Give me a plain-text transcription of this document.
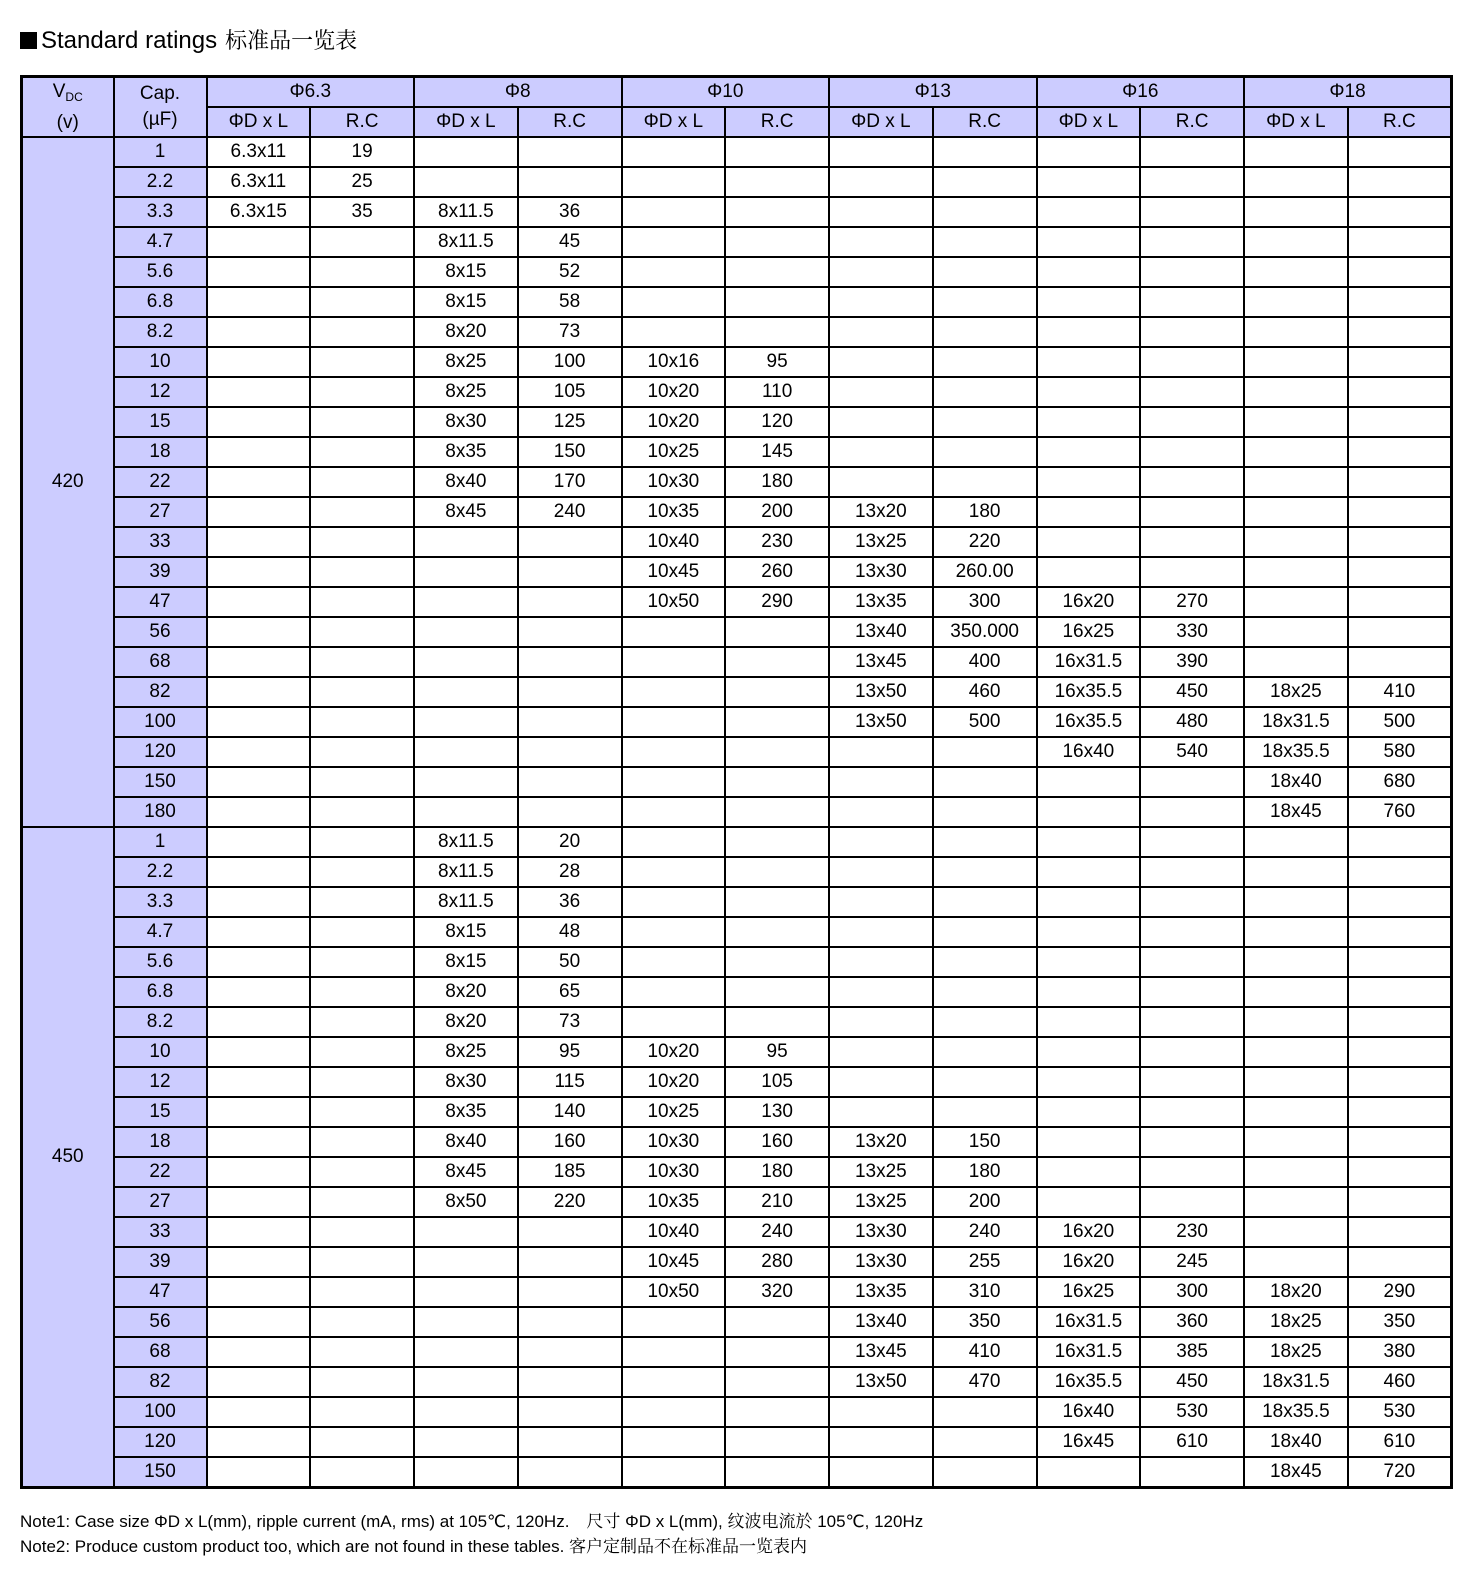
Standard ratings 标准品一览表
$V_{DC}$
(v)	Cap.
(µF)	Φ6.3		Φ8		Φ10		Φ13		Φ16		Φ18	
		ΦD x L	R.C	ΦD x L	R.C	ΦD x L	R.C	ΦD x L	R.C	ΦD x L	R.C	ΦD x L	R.C
420	1	6.3x11	19										
	2.2	6.3x11	25										
	3.3	6.3x15	35	8x11.5	36								
	4.7			8x11.5	45								
	5.6			8x15	52								
	6.8			8x15	58								
	8.2			8x20	73								
	10			8x25	100	10x16	95						
	12			8x25	105	10x20	110						
	15			8x30	125	10x20	120						
	18			8x35	150	10x25	145						
	22			8x40	170	10x30	180						
	27			8x45	240	10x35	200	13x20	180				
	33					10x40	230	13x25	220				
	39					10x45	260	13x30	260.00				
	47					10x50	290	13x35	300	16x20	270		
	56							13x40	350.000	16x25	330		
	68							13x45	400	16x31.5	390		
	82							13x50	460	16x35.5	450	18x25	410
	100							13x50	500	16x35.5	480	18x31.5	500
	120									16x40	540	18x35.5	580
	150											18x40	680
	180											18x45	760
450	1			8x11.5	20								
	2.2			8x11.5	28								
	3.3			8x11.5	36								
	4.7			8x15	48								
	5.6			8x15	50								
	6.8			8x20	65								
	8.2			8x20	73								
	10			8x25	95	10x20	95						
	12			8x30	115	10x20	105						
	15			8x35	140	10x25	130						
	18			8x40	160	10x30	160	13x20	150				
	22			8x45	185	10x30	180	13x25	180				
	27			8x50	220	10x35	210	13x25	200				
	33					10x40	240	13x30	240	16x20	230		
	39					10x45	280	13x30	255	16x20	245		
	47					10x50	320	13x35	310	16x25	300	18x20	290
	56							13x40	350	16x31.5	360	18x25	350
	68							13x45	410	16x31.5	385	18x25	380
	82							13x50	470	16x35.5	450	18x31.5	460
	100									16x40	530	18x35.5	530
	120									16x45	610	18x40	610
	150											18x45	720
Note1: Case size ΦD x L(mm), ripple current (mA, rms) at 105℃, 120Hz.　尺寸 ΦD x L(mm), 纹波电流於 105℃, 120Hz
Note2: Produce custom product too, which are not found in these tables. 客户定制品不在标准品一览表内
